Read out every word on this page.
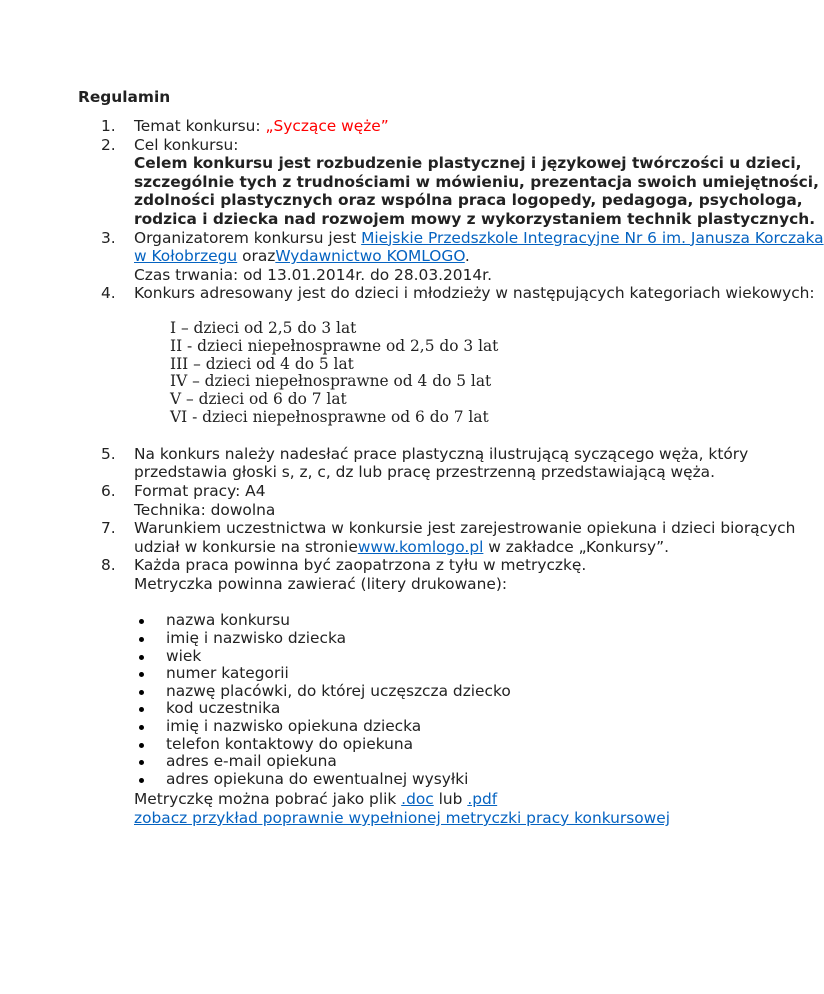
Regulamin
Temat konkursu: „Syczące węże”
Cel konkursu:
Celem konkursu jest rozbudzenie plastycznej i językowej twórczości u dzieci, szczególnie tych z trudnościami w mówieniu, prezentacja swoich umiejętności, zdolności plastycznych oraz wspólna praca logopedy, pedagoga, psychologa, rodzica i dziecka nad rozwojem mowy z wykorzystaniem technik plastycznych.
Organizatorem konkursu jest Miejskie Przedszkole Integracyjne Nr 6 im. Janusza Korczaka w Kołobrzegu orazWydawnictwo KOMLOGO.
Czas trwania: od 13.01.2014r. do 28.03.2014r.
Konkurs adresowany jest do dzieci i młodzieży w następujących kategoriach wiekowych:
I – dzieci od 2,5 do 3 lat
II - dzieci niepełnosprawne od 2,5 do 3 lat
III – dzieci od 4 do 5 lat
IV – dzieci niepełnosprawne od 4 do 5 lat
V – dzieci od 6 do 7 lat
VI - dzieci niepełnosprawne od 6 do 7 lat
Na konkurs należy nadesłać prace plastyczną ilustrującą syczącego węża, który przedstawia głoski s, z, c, dz lub pracę przestrzenną przedstawiającą węża.
Format pracy: A4
Technika: dowolna
Warunkiem uczestnictwa w konkursie jest zarejestrowanie opiekuna i dzieci biorących udział w konkursie na stroniewww.komlogo.pl w zakładce „Konkursy”.
Każda praca powinna być zaopatrzona z tyłu w metryczkę.
Metryczka powinna zawierać (litery drukowane):
nazwa konkursu
imię i nazwisko dziecka
wiek
numer kategorii
nazwę placówki, do której uczęszcza dziecko
kod uczestnika
imię i nazwisko opiekuna dziecka
telefon kontaktowy do opiekuna
adres e-mail opiekuna
adres opiekuna do ewentualnej wysyłki
Metryczkę można pobrać jako plik .doc lub .pdf
zobacz przykład poprawnie wypełnionej metryczki pracy konkursowej
